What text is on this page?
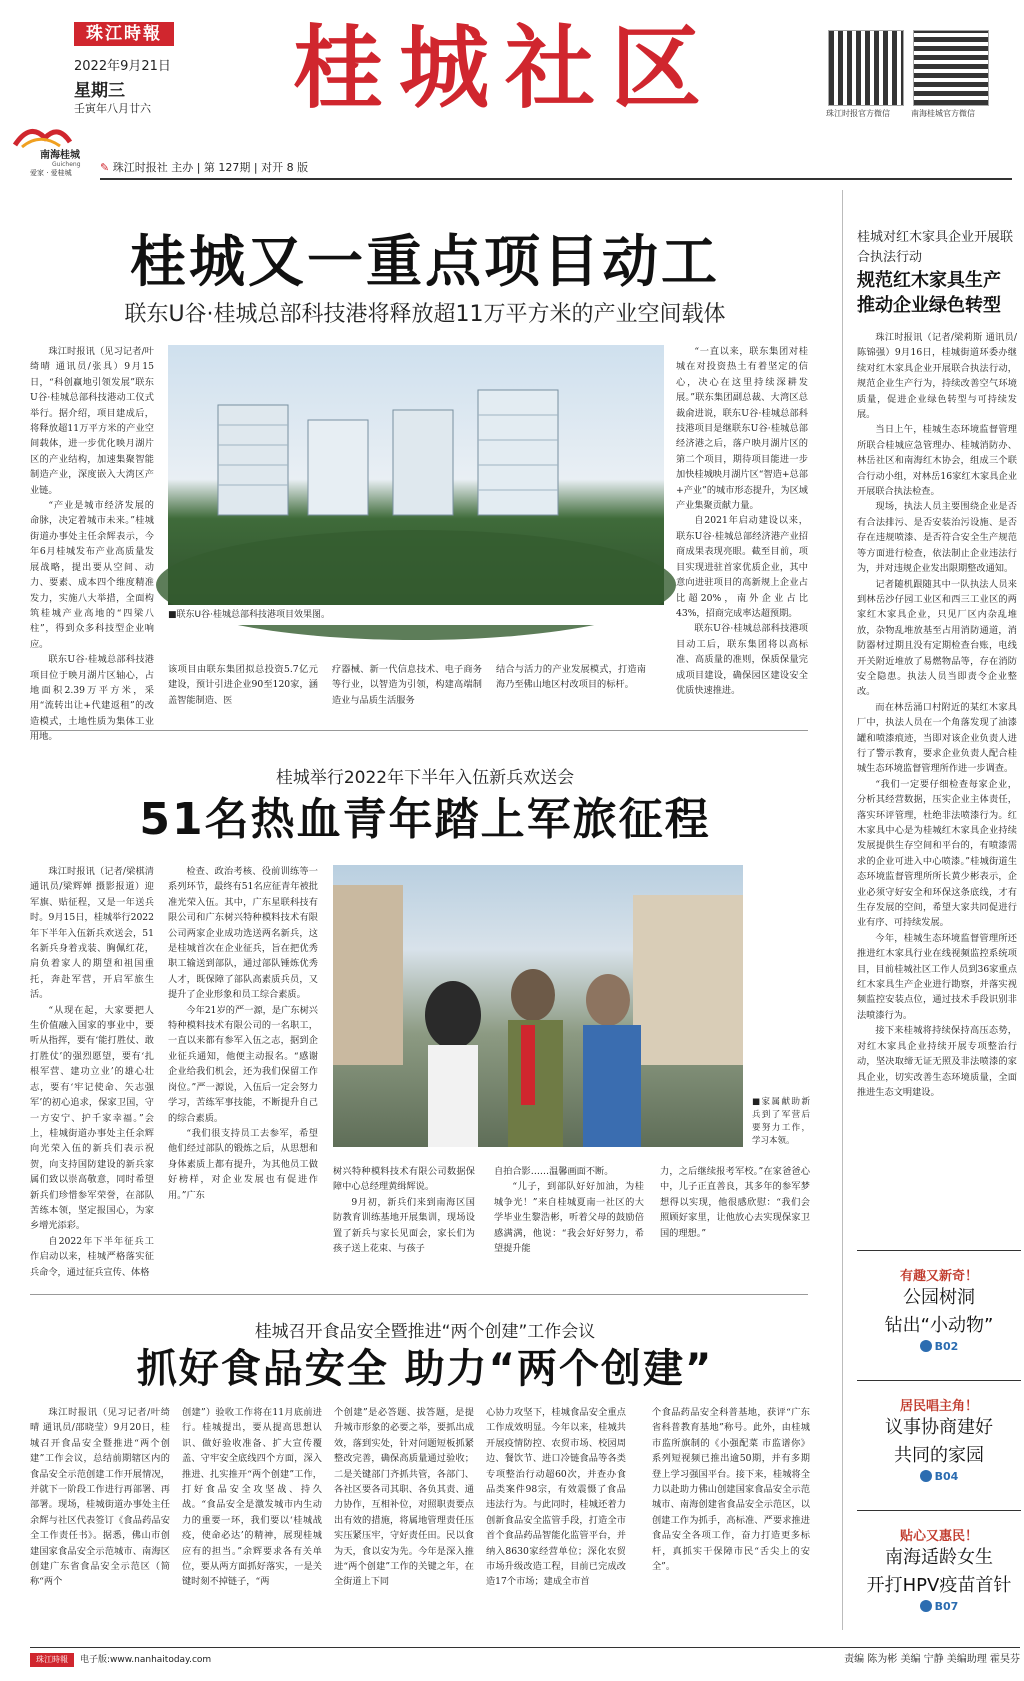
珠江時報
2022年9月21日
星期三
壬寅年八月廿六 桂城社区	珠江时报官方微信	南海桂城官方微信
南海桂城
Guicheng
爱家 · 爱桂城	✎ 珠江时报社 主办 | 第 127期 | 对开 8 版
桂城又一重点项目动工
联东U谷·桂城总部科技港将释放超11万平方米的产业空间载体

珠江时报讯（见习记者/叶绮晴 通讯员/张具）9月15日，“科创赢地引领发展”联东U谷·桂城总部科技港动工仪式举行。据介绍，项目建成后，将释放超11万平方米的产业空间载体，进一步优化映月湖片区的产业结构，加速集聚智能制造产业，深度嵌入大湾区产业链。

“产业是城市经济发展的命脉，决定着城市未来。”桂城街道办事处主任余辉表示，今年6月桂城发布产业高质量发展战略，提出要从空间、动力、要素、成本四个维度精准发力，实施八大举措，全面构筑桂城产业高地的“四梁八柱”，得到众多科技型企业响应。

联东U谷·桂城总部科技港项目位于映月湖片区轴心，占地面积2.39万平方米，采用“流转出让+代建返租”的改造模式，土地性质为集体工业用地。

■联东U谷·桂城总部科技港项目效果图。
该项目由联东集团拟总投资5.7亿元建设，预计引进企业90至120家，涵盖智能制造、医
疗器械、新一代信息技术、电子商务等行业，以智造为引领，构建高端制造业与品质生活服务
结合与活力的产业发展模式，打造南海乃至佛山地区村改项目的标杆。

“一直以来，联东集团对桂城在对投资热土有着坚定的信心，决心在这里持续深耕发展。”联东集团副总裁、大湾区总裁俞进说，联东U谷·桂城总部科技港项目是继联东U谷·桂城总部经济港之后，落户映月湖片区的第二个项目，期待项目能进一步加快桂城映月湖片区“智造+总部+产业”的城市形态提升，为区域产业集聚贡献力量。

自2021年启动建设以来，联东U谷·桂城总部经济港产业招商成果表现亮眼。截至目前，项目实现进驻首家优质企业，其中意向进驻项目的高新规上企业占比超20%，南外企业占比43%，招商完成率达超预期。

联东U谷·桂城总部科技港项目动工后，联东集团将以高标准、高质量的准则，保质保量完成项目建设，确保园区建设安全优质快速推进。

桂城举行2022年下半年入伍新兵欢送会
51名热血青年踏上军旅征程

珠江时报讯（记者/梁棋清 通讯员/梁辉婵 摄影报道）迎军旗、贴征程，又是一年送兵时。9月15日，桂城举行2022年下半年入伍新兵欢送会，51名新兵身着戎装、胸佩红花，肩负着家人的期望和祖国重托，奔赴军营，开启军旅生活。

“从现在起，大家要把人生价值融入国家的事业中，要听从指挥，要有‘能打胜仗、敢打胜仗’的强烈愿望，要有‘扎根军营、建功立业’的雄心壮志，要有‘牢记使命、矢志强军’的初心追求，保家卫国，守一方安宁、护千家幸福。”会上，桂城街道办事处主任余辉向光荣入伍的新兵们表示祝贺，向支持国防建设的新兵家属们致以崇高敬意，同时希望新兵们珍惜参军荣誉，在部队苦练本领，坚定报国心，为家乡增光添彩。

自2022年下半年征兵工作启动以来，桂城严格落实征兵命令，通过征兵宣传、体格

检查、政治考核、役前训练等一系列环节，最终有51名应征青年被批准光荣入伍。其中，广东星联科技有限公司和广东树兴特种模料技术有限公司两家企业成功选送两名新兵，这是桂城首次在企业征兵，旨在把优秀职工输送到部队，通过部队锤炼优秀人才，既保障了部队高素质兵员，又提升了企业形象和员工综合素质。

今年21岁的严一源，是广东树兴特种模料技术有限公司的一名职工，一直以来都有参军入伍之志，据到企业征兵通知，他便主动报名。“感谢企业给我们机会，还为我们保留工作岗位。”严一源说，入伍后一定会努力学习，苦练军事技能，不断提升自己的综合素质。

“我们很支持员工去参军，希望他们经过部队的锻炼之后，从思想和身体素质上都有提升，为其他员工做好榜样，对企业发展也有促进作用。”广东

■家属献助新兵到了军营后要努力工作，学习本领。
树兴特种模料技术有限公司数据保障中心总经理黄缉辉说。
9月初，新兵们来到南海区国防教育训练基地开展集训，现场设置了新兵与家长见面会，家长们为孩子送上花束、与孩子
自拍合影……温馨画面不断。
“儿子，到部队好好加油，为桂城争光！”来自桂城夏南一社区的大学毕业生黎浩彬，听着父母的鼓励倍感满满，他说：“我会好好努力，希望提升能
力，之后继续报考军校。”在家爸爸心中，儿子正直善良，其多年的参军梦想得以实现，他很感欣慰：“我们会照顾好家里，让他放心去实现保家卫国的理想。”
桂城召开食品安全暨推进“两个创建”工作会议
抓好食品安全 助力“两个创建”
珠江时报讯（见习记者/叶绮晴 通讯员/邵晓莹）9月20日，桂城召开食品安全暨推进“两个创建”工作会议，总结前期辖区内的食品安全示范创建工作开展情况，并就下一阶段工作进行再部署、再部署。现场，桂城街道办事处主任余辉与社区代表签订《食品药品安全工作责任书》。据悉，佛山市创建国家食品安全示范城市、南海区创建广东省食品安全示范区（简称“两个
创建”）验收工作将在11月底前进行。桂城提出，要从提高思想认识、做好验收准备、扩大宣传覆盖、守牢安全底线四个方面，深入推进、扎实推开“两个创建”工作，打好食品安全攻坚战、持久战。“食品安全是激发城市内生动力的重要一环，我们要以‘桂城战疫，使命必达’的精神，展现桂城应有的担当。”余辉要求各有关单位，要从两方面抓好落实，一是关键时刻不掉链子，“两
个创建”是必答题、拔答题，是提升城市形象的必要之举，要抓出成效，落到实处，针对问题短板抓紧整改完善，确保高质量通过验收；二是关键部门齐抓共管，各部门、各社区要各司其职、各负其责、通力协作，互相补位，对照职责要点出有效的措施，将属地管理责任压实压紧压牢，守好责任田。民以食为天，食以安为先。今年是深入推进“两个创建”工作的关键之年，在全街道上下同
心协力攻坚下，桂城食品安全重点工作成效明显。今年以来，桂城共开展疫情防控、农贸市场、校园周边、餐饮节、进口冷链食品等各类专项整治行动超60次，并查办食品类案件98宗，有效震慑了食品违法行为。与此同时，桂城还着力创新食品安全监管手段，打造全市首个食品药品智能化监管平台，并纳入8630家经营单位；深化农贸市场升级改造工程，目前已完成改造17个市场；建成全市首
个食品药品安全科普基地，获评“广东省科普教育基地”称号。此外，由桂城市监所旗制的《小强配菜 市监谱你》系列短视频已推出逾50期，并有多期登上学习强国平台。接下来，桂城将全力以赴助力佛山创建国家食品安全示范城市、南海创建省食品安全示范区，以创建工作为抓手，高标准、严要求推进食品安全各项工作，奋力打造更多标杆，真抓实干保障市民“舌尖上的安全”。
桂城对红木家具企业开展联合执法行动
规范红木家具生产 推动企业绿色转型

珠江时报讯（记者/梁莉斯 通讯员/陈锦强）9月16日，桂城街道环委办继续对红木家具企业开展联合执法行动，规范企业生产行为，持续改善空气环境质量，促进企业绿色转型与可持续发展。

当日上午，桂城生态环境监督管理所联合桂城应急管理办、桂城消防办、林岳社区和南海红木协会，组成三个联合行动小组，对林岳16家红木家具企业开展联合执法检查。

现场，执法人员主要围绕企业是否有合法排污、是否安装治污设施、是否存在违规喷漆、是否符合安全生产规范等方面进行检查，依法制止企业违法行为，并对违规企业发出限期整改通知。

记者随机跟随其中一队执法人员来到林岳沙仔园工业区和西三工业区的两家红木家具企业，只见厂区内杂乱堆放，杂物乱堆放基至占用消防通道，消防器材过期且没有定期检查台账，电线开关附近堆放了易燃物品等，存在消防安全隐患。执法人员当即责令企业整改。

而在林岳涌口村附近的某红木家具厂中，执法人员在一个角落发现了油漆罐和喷漆痕迹，当即对该企业负责人进行了警示教育，要求企业负责人配合桂城生态环境监督管理所作进一步调查。

“我们一定要仔细检查每家企业，分析其经营数据，压实企业主体责任，落实环评管理，杜绝非法喷漆行为。红木家具中心是为桂城红木家具企业持续发展提供生存空间和平台的，有喷漆需求的企业可进入中心喷漆。”桂城街道生态环境监督管理所所长黄少彬表示，企业必须守好安全和环保这条底线，才有生存发展的空间，希望大家共同促进行业有序、可持续发展。

今年，桂城生态环境监督管理所还推进红木家具行业在线视频监控系统项目，目前桂城社区工作人员到36家重点红木家具生产企业进行勘察，并落实视频监控安装点位，通过技术手段识别非法喷漆行为。

接下来桂城将持续保持高压态势，对红木家具企业持续开展专项整治行动，坚决取缔无证无照及非法喷漆的家具企业，切实改善生态环境质量，全面推进生态文明建设。

有趣又新奇！
公园树洞
钻出“小动物”
B02
居民唱主角！
议事协商建好
共同的家园
B04
贴心又惠民！
南海适龄女生
开打HPV疫苗首针
B07
珠江時報	电子版:www.nanhaitoday.com	责编 陈为彬 美编 宁静 美编助理 霍昊芬
